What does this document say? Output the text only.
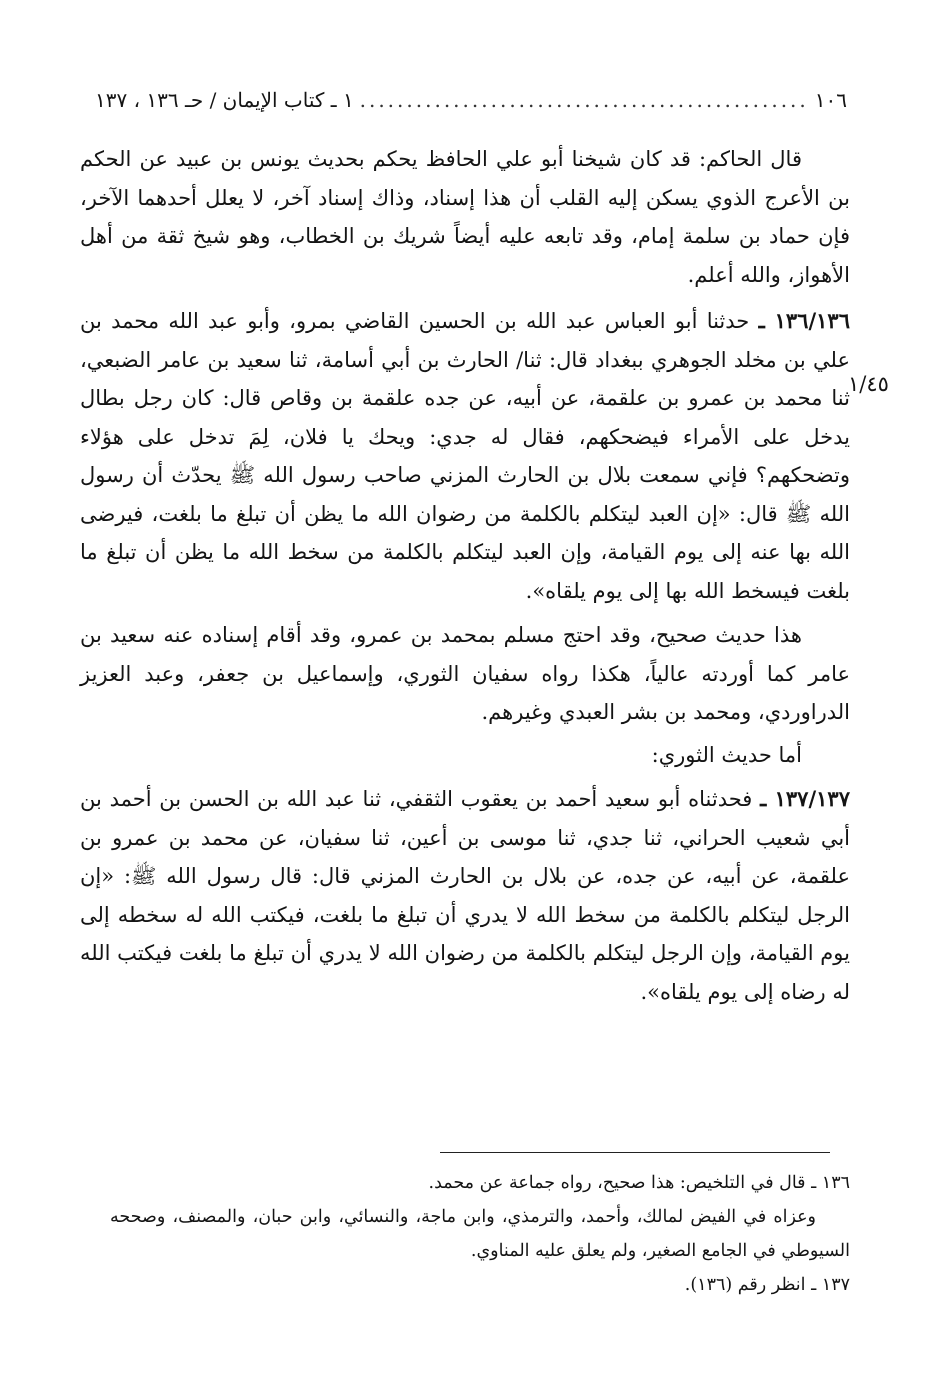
١٠٦
.....
١ ـ كتاب الإيمان / حـ ١٣٦ ، ١٣٧
١/٤٥

قال الحاكم: قد كان شيخنا أبو علي الحافظ يحكم بحديث يونس بن عبيد عن الحكم بن الأعرج الذوي يسكن إليه القلب أن هذا إسناد، وذاك إسناد آخر، لا يعلل أحدهما الآخر، فإن حماد بن سلمة إمام، وقد تابعه عليه أيضاً شريك بن الخطاب، وهو شيخ ثقة من أهل الأهواز، والله أعلم.

١٣٦/١٣٦ ـ حدثنا أبو العباس عبد الله بن الحسين القاضي بمرو، وأبو عبد الله محمد بن علي بن مخلد الجوهري ببغداد قال: ثنا/ الحارث بن أبي أسامة، ثنا سعيد بن عامر الضبعي، ثنا محمد بن عمرو بن علقمة، عن أبيه، عن جده علقمة بن وقاص قال: كان رجل بطال يدخل على الأمراء فيضحكهم، فقال له جدي: ويحك يا فلان، لِمَ تدخل على هؤلاء وتضحكهم؟ فإني سمعت بلال بن الحارث المزني صاحب رسول الله ﷺ يحدّث أن رسول الله ﷺ قال: «إن العبد ليتكلم بالكلمة من رضوان الله ما يظن أن تبلغ ما بلغت، فيرضى الله بها عنه إلى يوم القيامة، وإن العبد ليتكلم بالكلمة من سخط الله ما يظن أن تبلغ ما بلغت فيسخط الله بها إلى يوم يلقاه».

هذا حديث صحيح، وقد احتج مسلم بمحمد بن عمرو، وقد أقام إسناده عنه سعيد بن عامر كما أوردته عالياً، هكذا رواه سفيان الثوري، وإسماعيل بن جعفر، وعبد العزيز الدراوردي، ومحمد بن بشر العبدي وغيرهم.

أما حديث الثوري:

١٣٧/١٣٧ ـ فحدثناه أبو سعيد أحمد بن يعقوب الثقفي، ثنا عبد الله بن الحسن بن أحمد بن أبي شعيب الحراني، ثنا جدي، ثنا موسى بن أعين، ثنا سفيان، عن محمد بن عمرو بن علقمة، عن أبيه، عن جده، عن بلال بن الحارث المزني قال: قال رسول الله ﷺ: «إن الرجل ليتكلم بالكلمة من سخط الله لا يدري أن تبلغ ما بلغت، فيكتب الله له سخطه إلى يوم القيامة، وإن الرجل ليتكلم بالكلمة من رضوان الله لا يدري أن تبلغ ما بلغت فيكتب الله له رضاه إلى يوم يلقاه».

١٣٦ ـ قال في التلخيص: هذا صحيح، رواه جماعة عن محمد.

وعزاه في الفيض لمالك، وأحمد، والترمذي، وابن ماجة، والنسائي، وابن حبان، والمصنف، وصححه السيوطي في الجامع الصغير، ولم يعلق عليه المناوي.

١٣٧ ـ انظر رقم (١٣٦).
